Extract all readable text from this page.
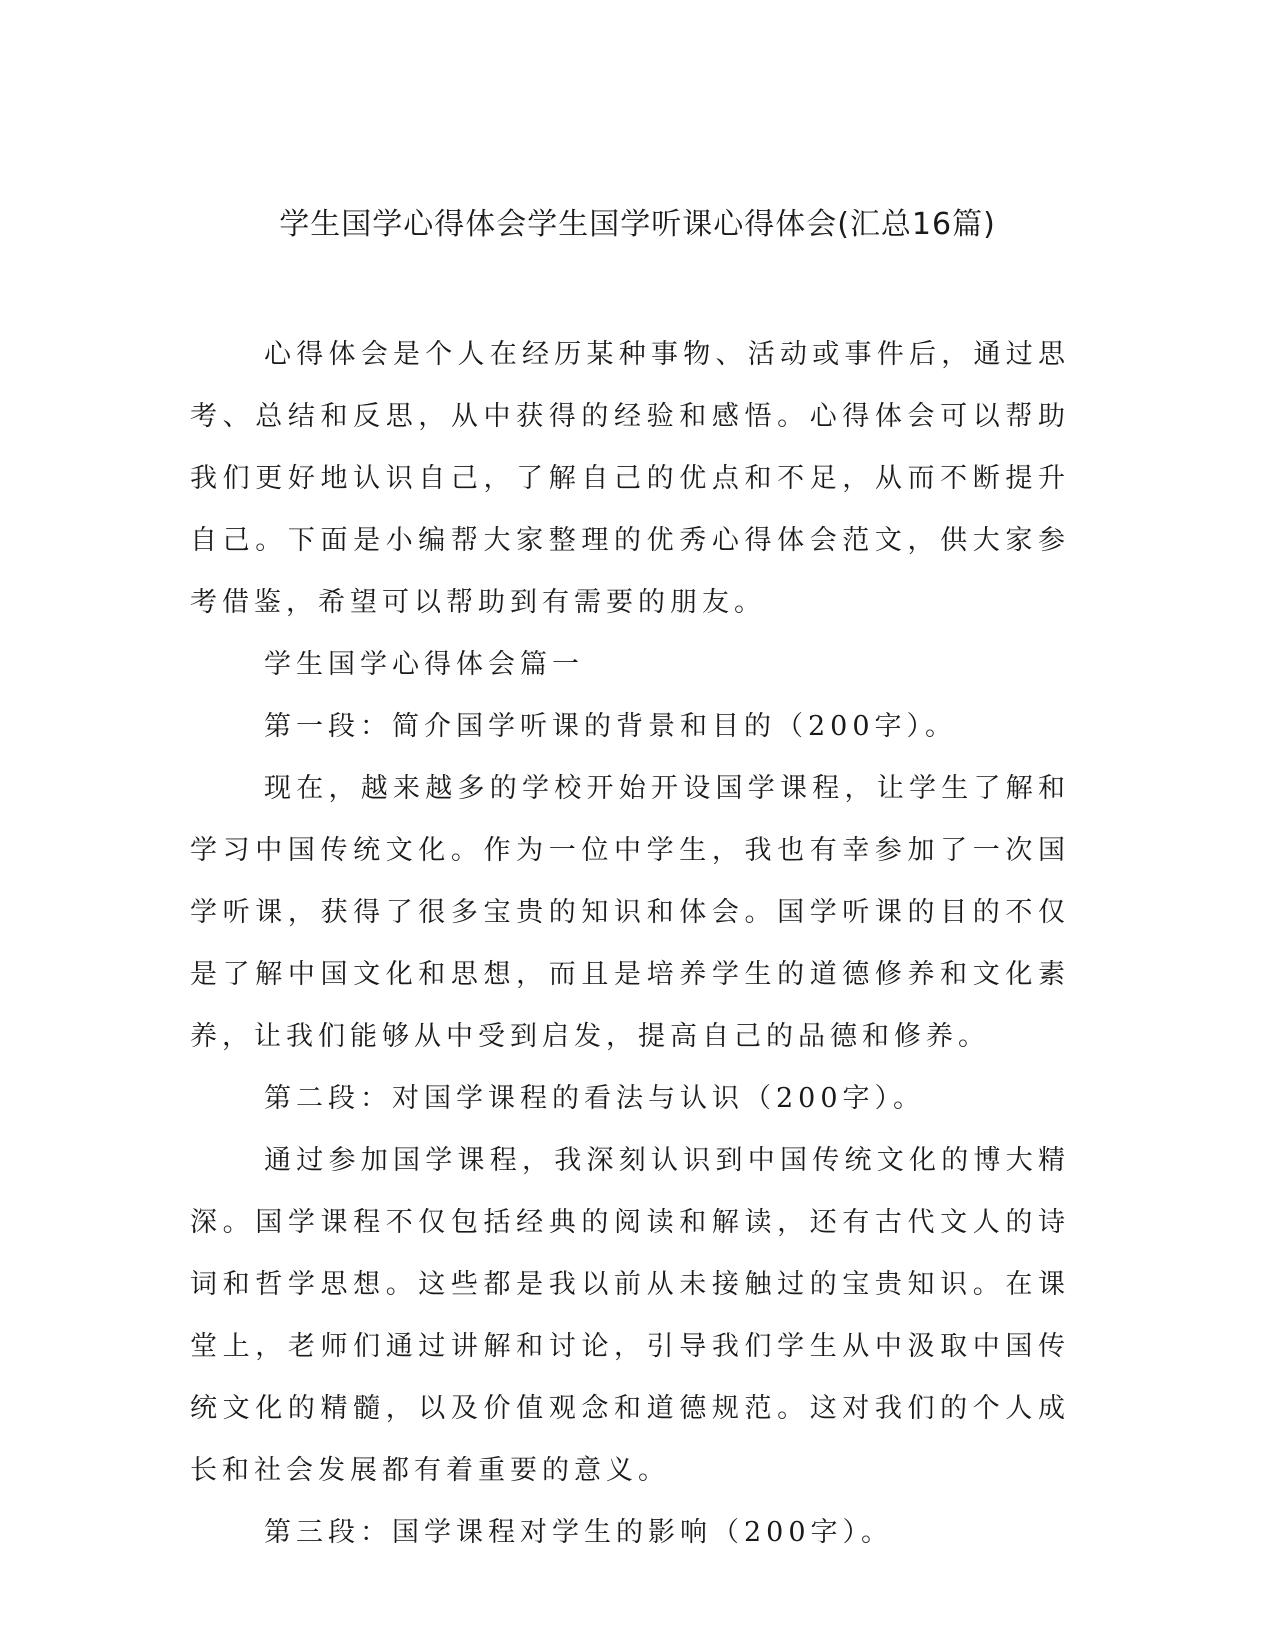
学生国学心得体会学生国学听课心得体会(汇总16篇)

心得体会是个人在经历某种事物、活动或事件后，通过思考、总结和反思，从中获得的经验和感悟。心得体会可以帮助我们更好地认识自己，了解自己的优点和不足，从而不断提升自己。下面是小编帮大家整理的优秀心得体会范文，供大家参考借鉴，希望可以帮助到有需要的朋友。

学生国学心得体会篇一

第一段：简介国学听课的背景和目的（200字）。

现在，越来越多的学校开始开设国学课程，让学生了解和学习中国传统文化。作为一位中学生，我也有幸参加了一次国学听课，获得了很多宝贵的知识和体会。国学听课的目的不仅是了解中国文化和思想，而且是培养学生的道德修养和文化素养，让我们能够从中受到启发，提高自己的品德和修养。

第二段：对国学课程的看法与认识（200字）。

通过参加国学课程，我深刻认识到中国传统文化的博大精深。国学课程不仅包括经典的阅读和解读，还有古代文人的诗词和哲学思想。这些都是我以前从未接触过的宝贵知识。在课堂上，老师们通过讲解和讨论，引导我们学生从中汲取中国传统文化的精髓，以及价值观念和道德规范。这对我们的个人成长和社会发展都有着重要的意义。

第三段：国学课程对学生的影响（200字）。
